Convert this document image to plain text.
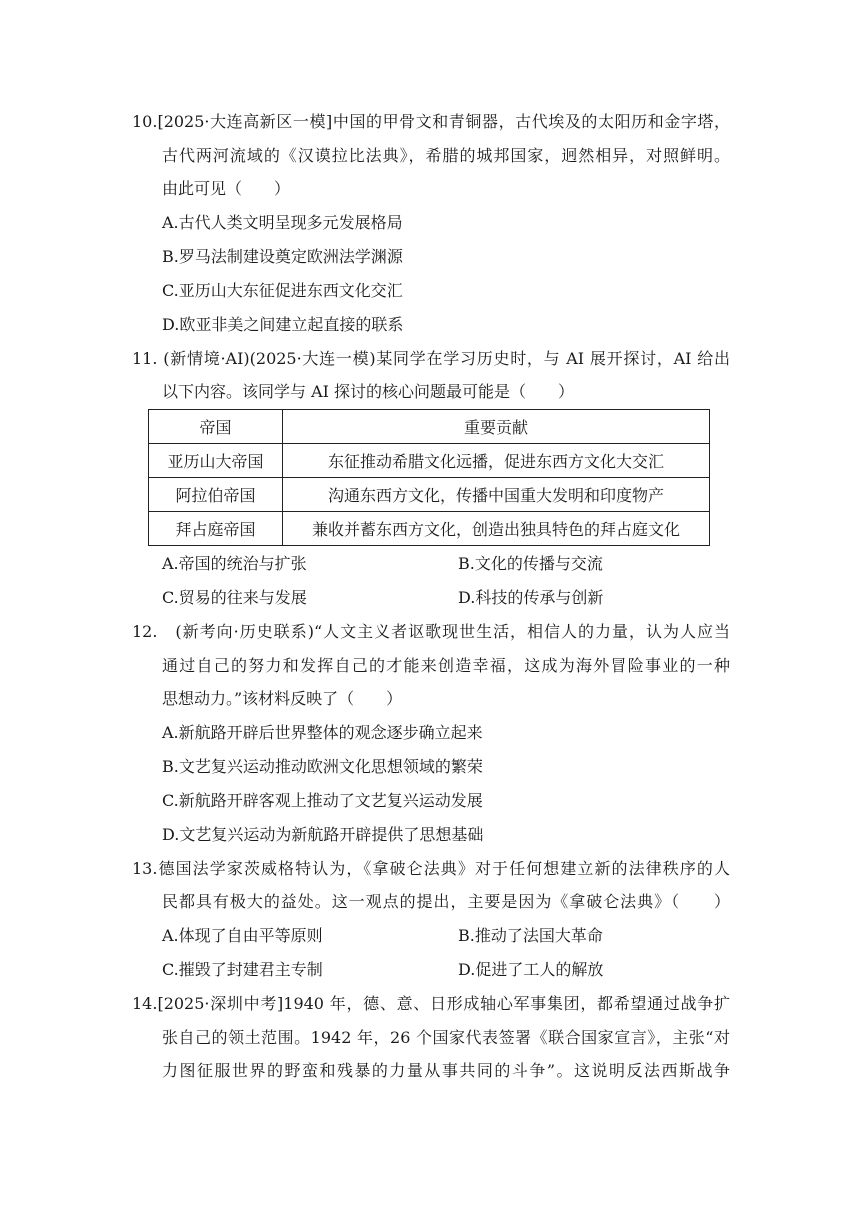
10.[2025·大连高新区一模]中国的甲骨文和青铜器，古代埃及的太阳历和金字塔，
古代两河流域的《汉谟拉比法典》，希腊的城邦国家，迥然相异，对照鲜明。
由此可见（　　）
A.古代人类文明呈现多元发展格局
B.罗马法制建设奠定欧洲法学渊源
C.亚历山大东征促进东西文化交汇
D.欧亚非美之间建立起直接的联系
11. (新情境·AI)(2025·大连一模)某同学在学习历史时，与 AI 展开探讨，AI 给出
以下内容。该同学与 AI 探讨的核心问题最可能是（　　）
帝国	重要贡献
亚历山大帝国	东征推动希腊文化远播，促进东西方文化大交汇
阿拉伯帝国	沟通东西方文化，传播中国重大发明和印度物产
拜占庭帝国	兼收并蓄东西方文化，创造出独具特色的拜占庭文化
A.帝国的统治与扩张	B.文化的传播与交流
C.贸易的往来与发展	D.科技的传承与创新
12.　(新考向·历史联系)“人文主义者讴歌现世生活，相信人的力量，认为人应当
通过自己的努力和发挥自己的才能来创造幸福，这成为海外冒险事业的一种
思想动力。”该材料反映了（　　）
A.新航路开辟后世界整体的观念逐步确立起来
B.文艺复兴运动推动欧洲文化思想领域的繁荣
C.新航路开辟客观上推动了文艺复兴运动发展
D.文艺复兴运动为新航路开辟提供了思想基础
13.德国法学家茨威格特认为，《拿破仑法典》对于任何想建立新的法律秩序的人
民都具有极大的益处。这一观点的提出，主要是因为《拿破仑法典》（　　）
A.体现了自由平等原则	B.推动了法国大革命
C.摧毁了封建君主专制	D.促进了工人的解放
14.[2025·深圳中考]1940 年，德、意、日形成轴心军事集团，都希望通过战争扩
张自己的领土范围。1942 年，26 个国家代表签署《联合国家宣言》，主张“对
力图征服世界的野蛮和残暴的力量从事共同的斗争”。这说明反法西斯战争
